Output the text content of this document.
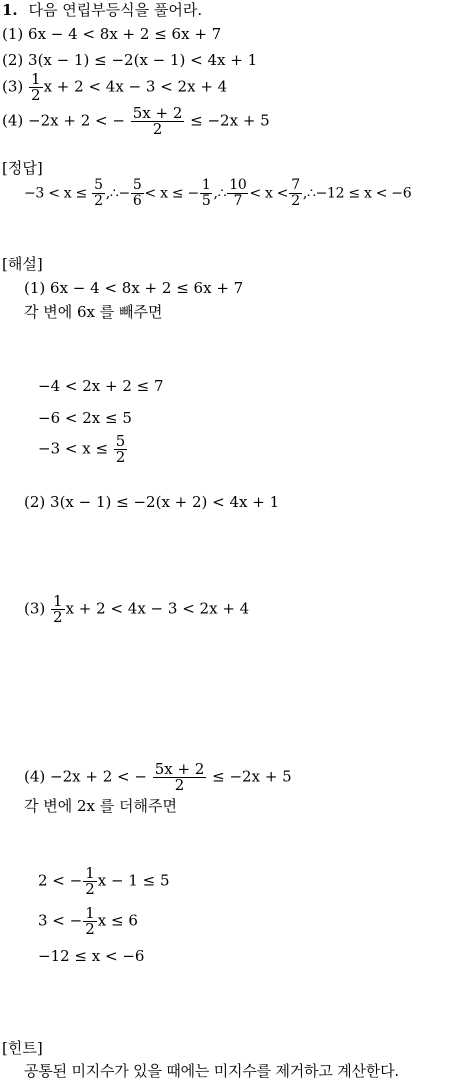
1. 다음 연립부등식을 풀어라.
(1) 6x − 4 < 8x + 2 ≤ 6x + 7
(2) 3(x − 1) ≤ −2(x − 1) < 4x + 1
$(3) \frac{1}{2}$ x + 2 < 4x − 3 < 2x + 4
(4) −2x + 2 < − $\frac{5x + 2}{2} \le -2x + 5$
[정답]
$-3 < x \le \frac{5}{2}$ ,∴− $\frac{5}{6} < x$ ≤ − $\frac{1}{5}$ ,∴ $\frac{10}{7} < x < \frac{7}{2}$ ,∴−12 ≤ x < −6
[해설]
(1) 6x − 4 < 8x + 2 ≤ 6x + 7
각 변에 6x 를 빼주면
−4 < 2x + 2 ≤ 7
−6 < 2x ≤ 5
$-3 < x \le \frac{5}{2}$
(2) 3(x − 1) ≤ −2(x + 2) < 4x + 1
$(3) \frac{1}{2}$ x + 2 < 4x − 3 < 2x + 4
(4) −2x + 2 < − $\frac{5x + 2}{2} \le -2x + 5$
각 변에 2x 를 더해주면
2 < − $\frac{1}{2}$ x − 1 ≤ 5
3 < − $\frac{1}{2}$ x ≤ 6
−12 ≤ x < −6
[힌트]
공통된 미지수가 있을 때에는 미지수를 제거하고 계산한다.
